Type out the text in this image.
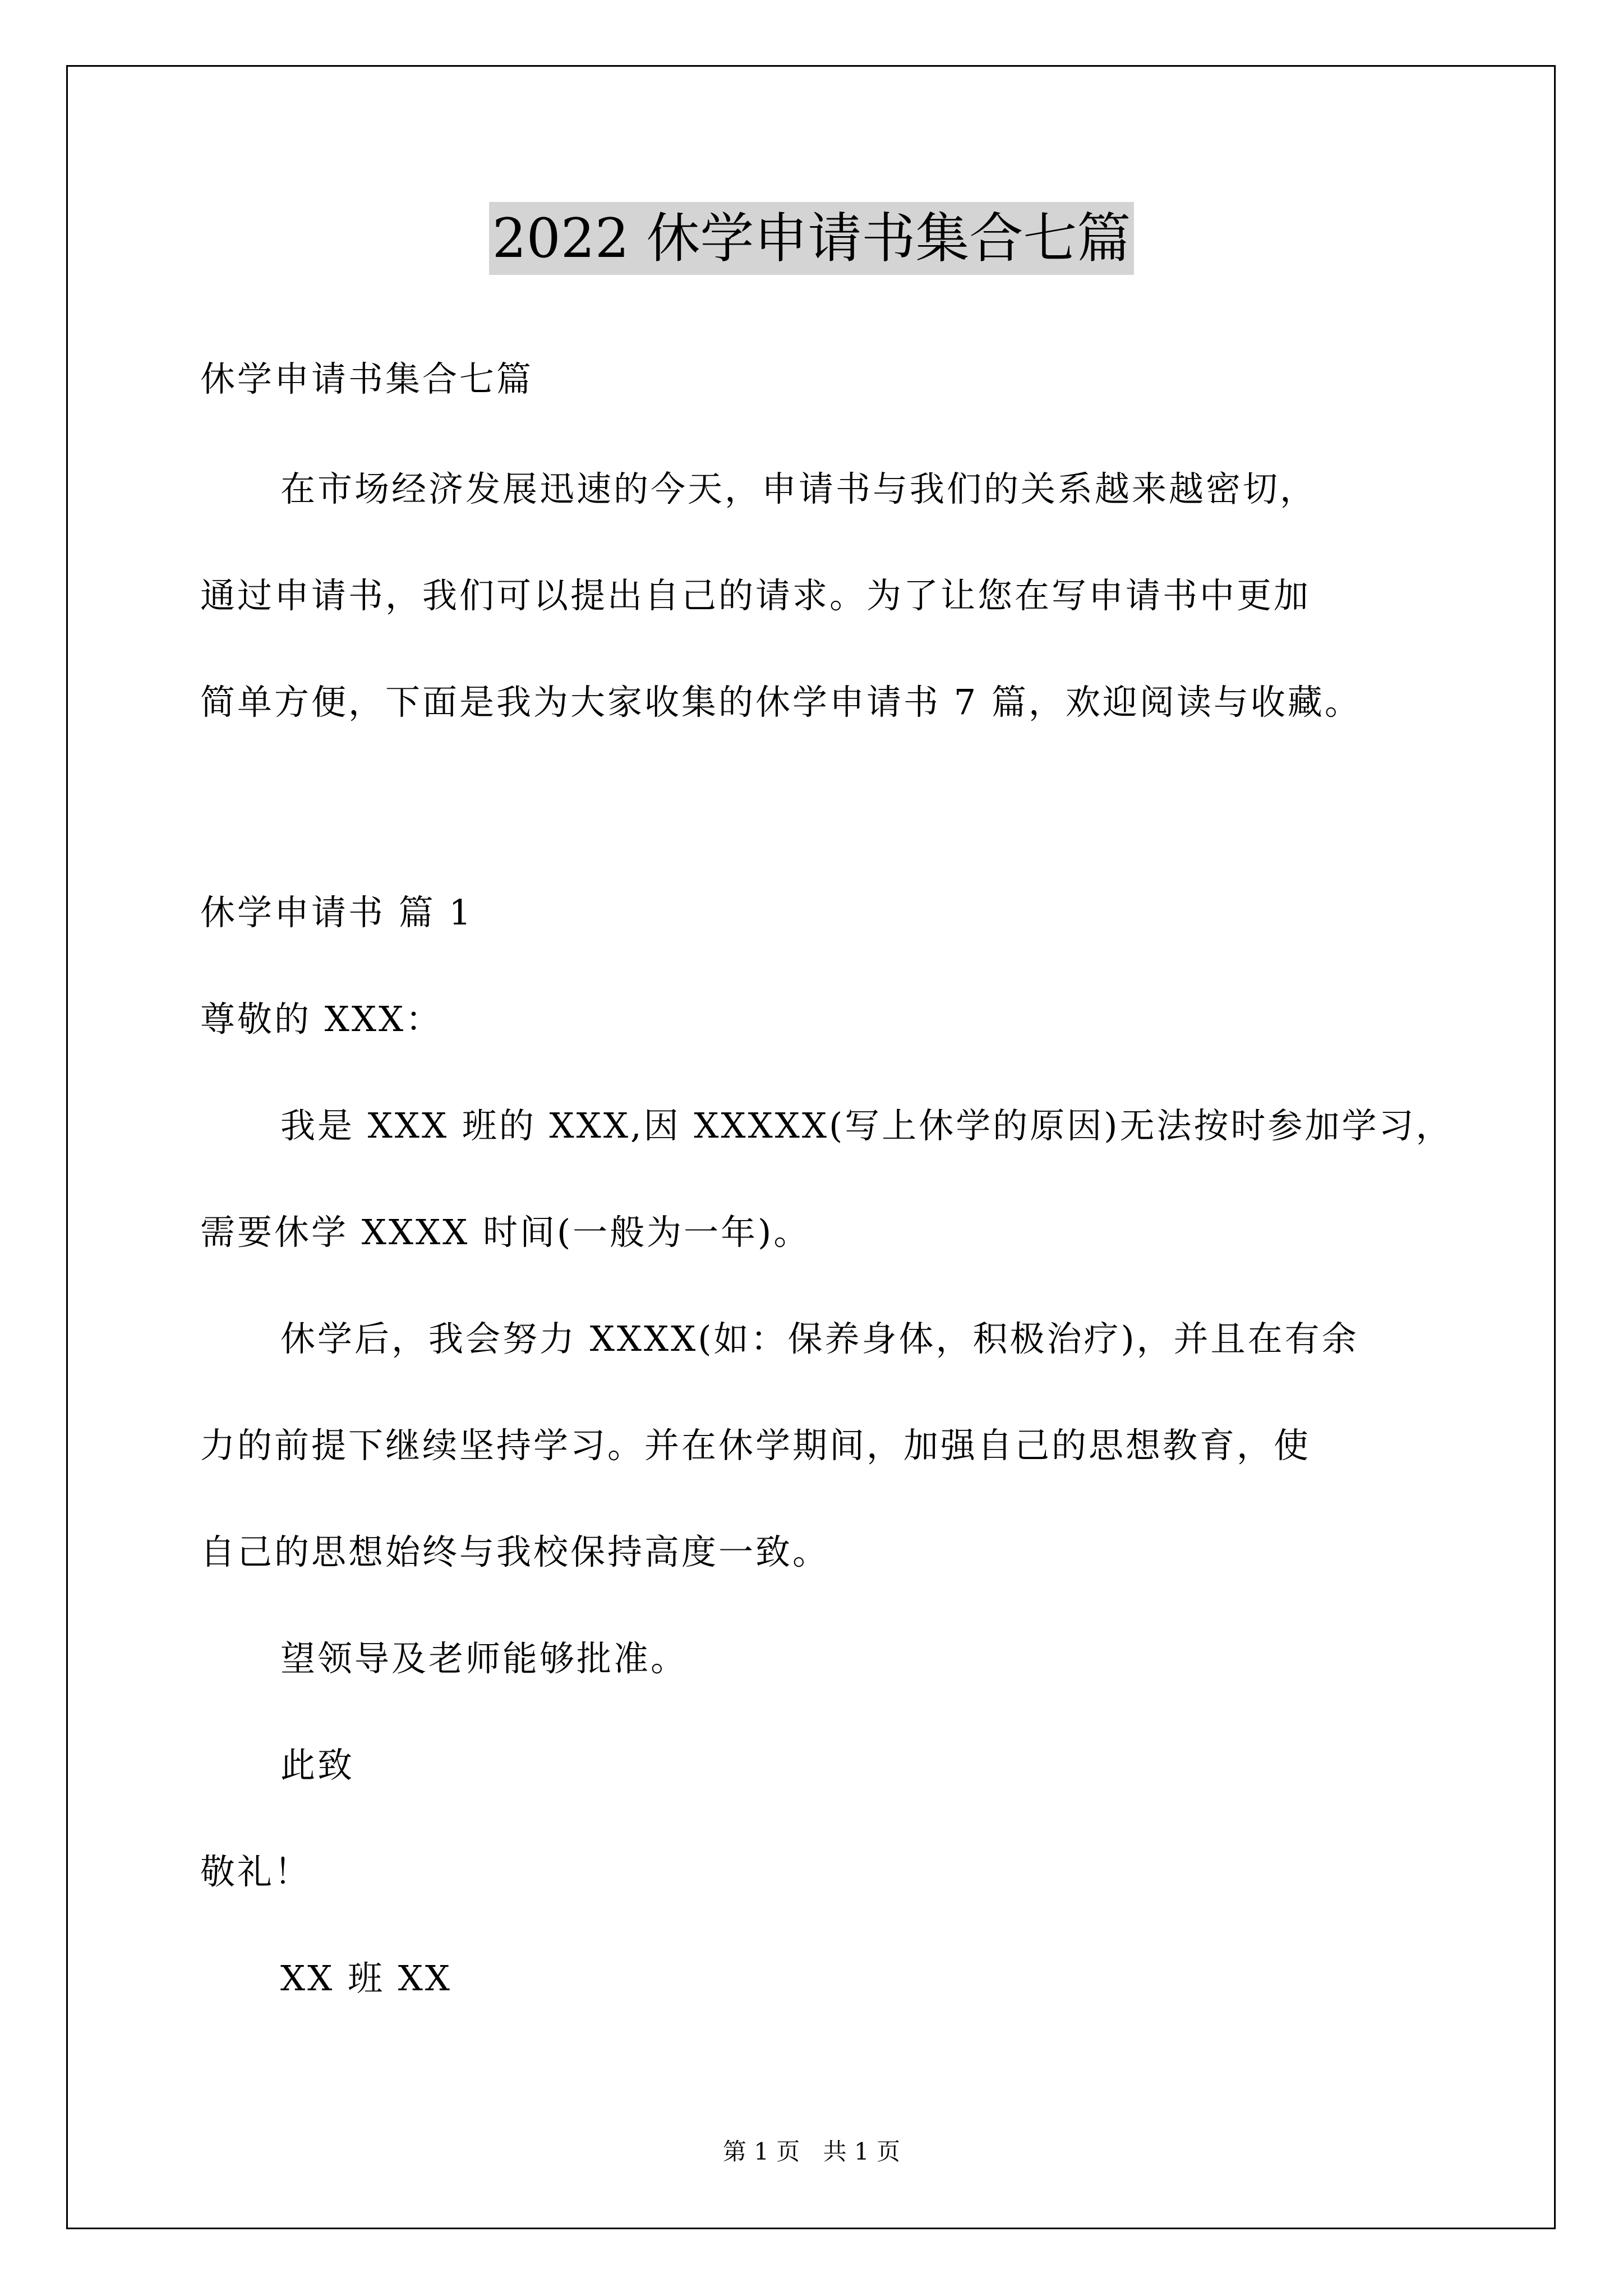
2022 休学申请书集合七篇
休学申请书集合七篇
在市场经济发展迅速的今天，申请书与我们的关系越来越密切，
通过申请书，我们可以提出自己的请求。为了让您在写申请书中更加
简单方便，下面是我为大家收集的休学申请书 7 篇，欢迎阅读与收藏。
休学申请书 篇 1
尊敬的 XXX：
我是 XXX 班的 XXX,因 XXXXX(写上休学的原因)无法按时参加学习，
需要休学 XXXX 时间(一般为一年)。
休学后，我会努力 XXXX(如：保养身体，积极治疗)，并且在有余
力的前提下继续坚持学习。并在休学期间，加强自己的思想教育，使
自己的思想始终与我校保持高度一致。
望领导及老师能够批准。
此致
敬礼！
XX 班 XX
第 1 页 共 1 页
